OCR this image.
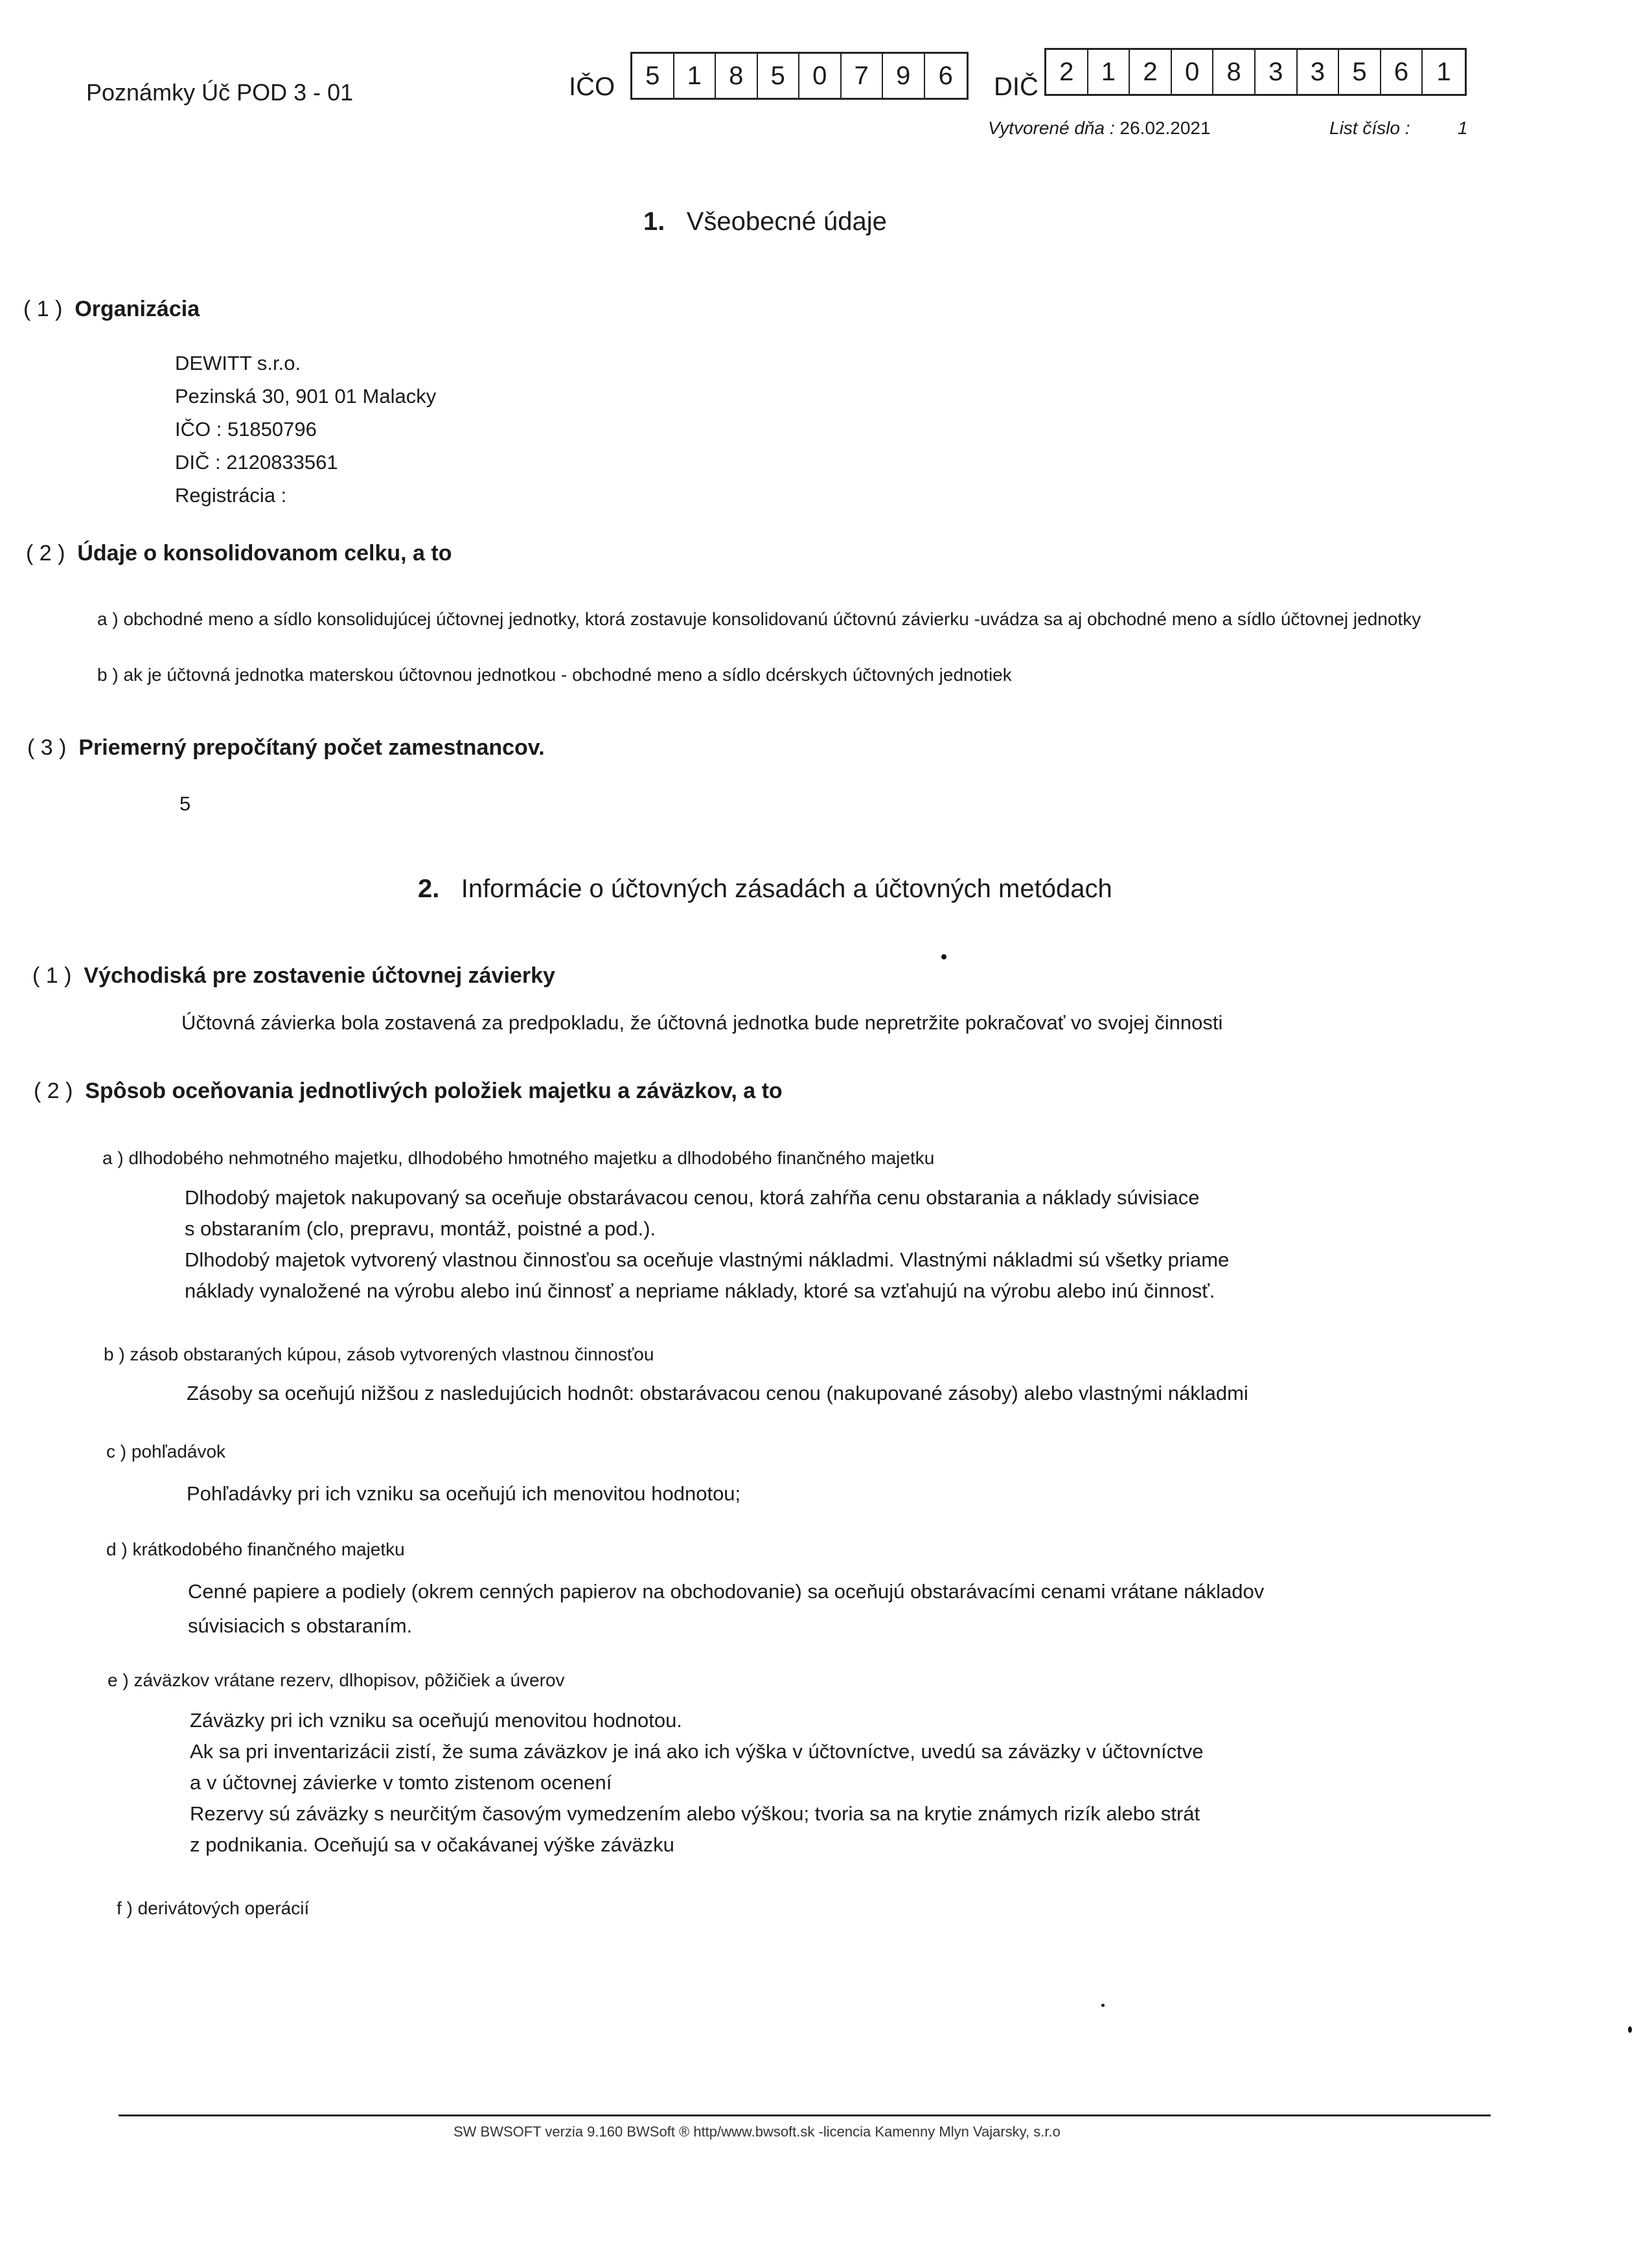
Poznámky Úč POD 3 - 01	IČO	5	1	8	5	0	7	9	6	DIČ
2	1	2	0	8	3	3	5	6	1
Vytvorené dňa : 26.02.2021	List číslo :	1
1. Všeobecné údaje
( 1 ) Organizácia
DEWITT s.r.o.
Pezinská 30, 901 01 Malacky
IČO : 51850796
DIČ : 2120833561
Registrácia :
( 2 ) Údaje o konsolidovanom celku, a to
a ) obchodné meno a sídlo konsolidujúcej účtovnej jednotky, ktorá zostavuje konsolidovanú účtovnú závierku -uvádza sa aj obchodné meno a sídlo účtovnej jednotky
b ) ak je účtovná jednotka materskou účtovnou jednotkou - obchodné meno a sídlo dcérskych účtovných jednotiek
( 3 ) Priemerný prepočítaný počet zamestnancov.
5
2. Informácie o účtovných zásadách a účtovných metódach
( 1 ) Východiská pre zostavenie účtovnej závierky
Účtovná závierka bola zostavená za predpokladu, že účtovná jednotka bude nepretržite pokračovať vo svojej činnosti
( 2 ) Spôsob oceňovania jednotlivých položiek majetku a záväzkov, a to
a ) dlhodobého nehmotného majetku, dlhodobého hmotného majetku a dlhodobého finančného majetku
Dlhodobý majetok nakupovaný sa oceňuje obstarávacou cenou, ktorá zahŕňa cenu obstarania a náklady súvisiace
s obstaraním (clo, prepravu, montáž, poistné a pod.).
Dlhodobý majetok vytvorený vlastnou činnosťou sa oceňuje vlastnými nákladmi. Vlastnými nákladmi sú všetky priame
náklady vynaložené na výrobu alebo inú činnosť a nepriame náklady, ktoré sa vzťahujú na výrobu alebo inú činnosť.
b ) zásob obstaraných kúpou, zásob vytvorených vlastnou činnosťou
Zásoby sa oceňujú nižšou z nasledujúcich hodnôt: obstarávacou cenou (nakupované zásoby) alebo vlastnými nákladmi
c ) pohľadávok
Pohľadávky pri ich vzniku sa oceňujú ich menovitou hodnotou;
d ) krátkodobého finančného majetku
Cenné papiere a podiely (okrem cenných papierov na obchodovanie) sa oceňujú obstarávacími cenami vrátane nákladov
súvisiacich s obstaraním.
e ) záväzkov vrátane rezerv, dlhopisov, pôžičiek a úverov
Záväzky pri ich vzniku sa oceňujú menovitou hodnotou.
Ak sa pri inventarizácii zistí, že suma záväzkov je iná ako ich výška v účtovníctve, uvedú sa záväzky v účtovníctve
a v účtovnej závierke v tomto zistenom ocenení
Rezervy sú záväzky s neurčitým časovým vymedzením alebo výškou; tvoria sa na krytie známych rizík alebo strát
z podnikania. Oceňujú sa v očakávanej výške záväzku
f ) derivátových operácií
SW BWSOFT verzia 9.160 BWSoft ® http/www.bwsoft.sk -licencia Kamenny Mlyn Vajarsky, s.r.o
